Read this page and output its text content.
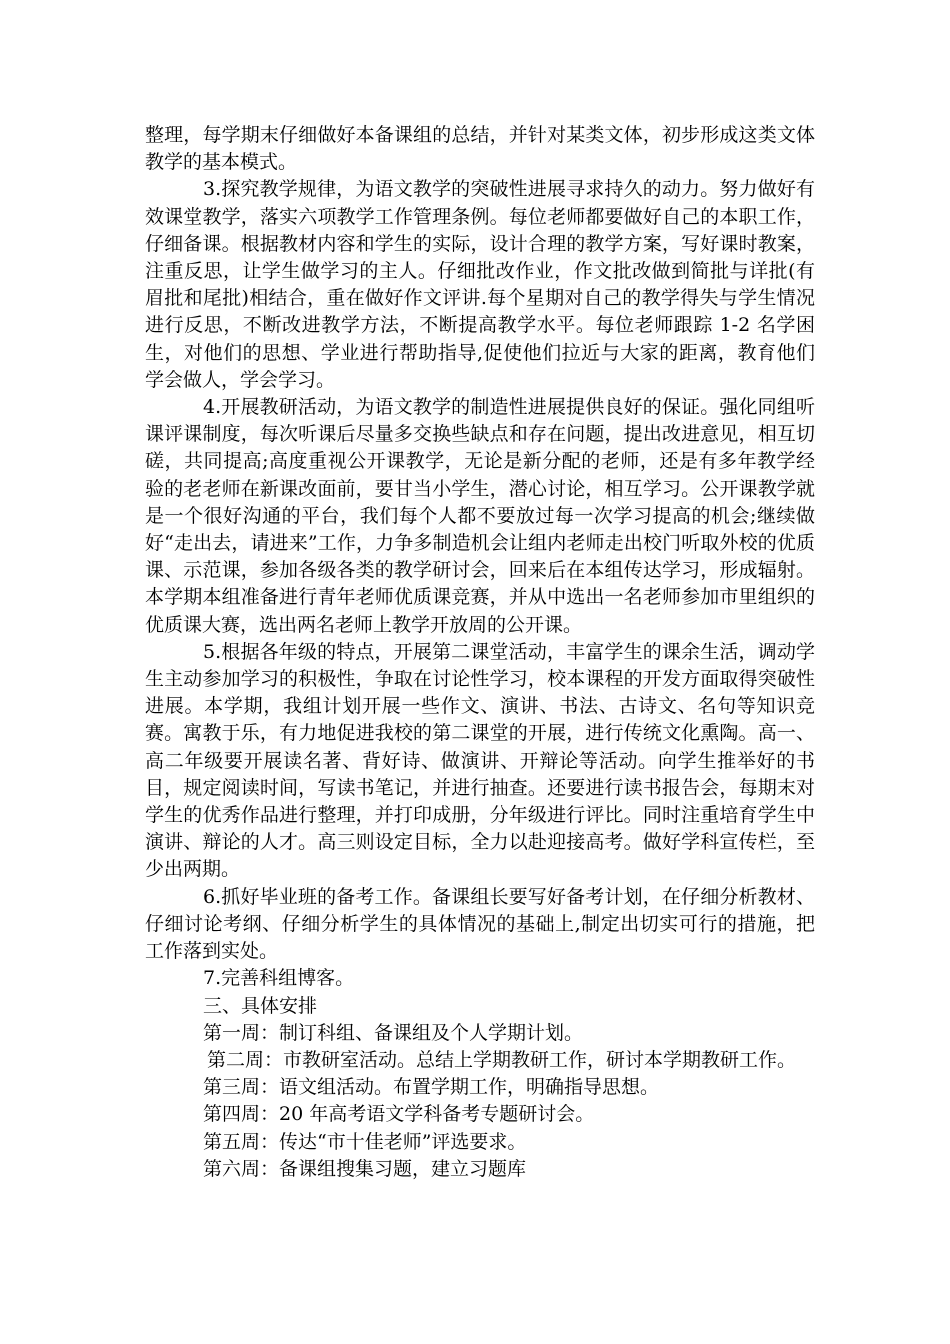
整理，每学期末仔细做好本备课组的总结，并针对某类文体，初步形成这类文体教学的基本模式。

3.探究教学规律，为语文教学的突破性进展寻求持久的动力。努力做好有效课堂教学，落实六项教学工作管理条例。每位老师都要做好自己的本职工作，仔细备课。根据教材内容和学生的实际，设计合理的教学方案，写好课时教案，注重反思，让学生做学习的主人。仔细批改作业，作文批改做到简批与详批(有眉批和尾批)相结合，重在做好作文评讲.每个星期对自己的教学得失与学生情况进行反思，不断改进教学方法，不断提高教学水平。每位老师跟踪 1-2 名学困生，对他们的思想、学业进行帮助指导,促使他们拉近与大家的距离，教育他们学会做人，学会学习。

4.开展教研活动，为语文教学的制造性进展提供良好的保证。强化同组听课评课制度，每次听课后尽量多交换些缺点和存在问题，提出改进意见，相互切磋，共同提高;高度重视公开课教学，无论是新分配的老师，还是有多年教学经验的老老师在新课改面前，要甘当小学生，潜心讨论，相互学习。公开课教学就是一个很好沟通的平台，我们每个人都不要放过每一次学习提高的机会;继续做好“走出去，请进来”工作，力争多制造机会让组内老师走出校门听取外校的优质课、示范课，参加各级各类的教学研讨会，回来后在本组传达学习，形成辐射。本学期本组准备进行青年老师优质课竞赛，并从中选出一名老师参加市里组织的优质课大赛，选出两名老师上教学开放周的公开课。

5.根据各年级的特点，开展第二课堂活动，丰富学生的课余生活，调动学生主动参加学习的积极性，争取在讨论性学习，校本课程的开发方面取得突破性进展。本学期，我组计划开展一些作文、演讲、书法、古诗文、名句等知识竞赛。寓教于乐，有力地促进我校的第二课堂的开展，进行传统文化熏陶。高一、高二年级要开展读名著、背好诗、做演讲、开辩论等活动。向学生推举好的书目，规定阅读时间，写读书笔记，并进行抽查。还要进行读书报告会，每期末对学生的优秀作品进行整理，并打印成册，分年级进行评比。同时注重培育学生中演讲、辩论的人才。高三则设定目标，全力以赴迎接高考。做好学科宣传栏，至少出两期。

6.抓好毕业班的备考工作。备课组长要写好备考计划，在仔细分析教材、仔细讨论考纲、仔细分析学生的具体情况的基础上,制定出切实可行的措施，把工作落到实处。

7.完善科组博客。

三、具体安排

第一周：制订科组、备课组及个人学期计划。

第二周：市教研室活动。总结上学期教研工作，研讨本学期教研工作。

第三周：语文组活动。布置学期工作，明确指导思想。

第四周：20 年高考语文学科备考专题研讨会。

第五周：传达“市十佳老师”评选要求。

第六周：备课组搜集习题，建立习题库
